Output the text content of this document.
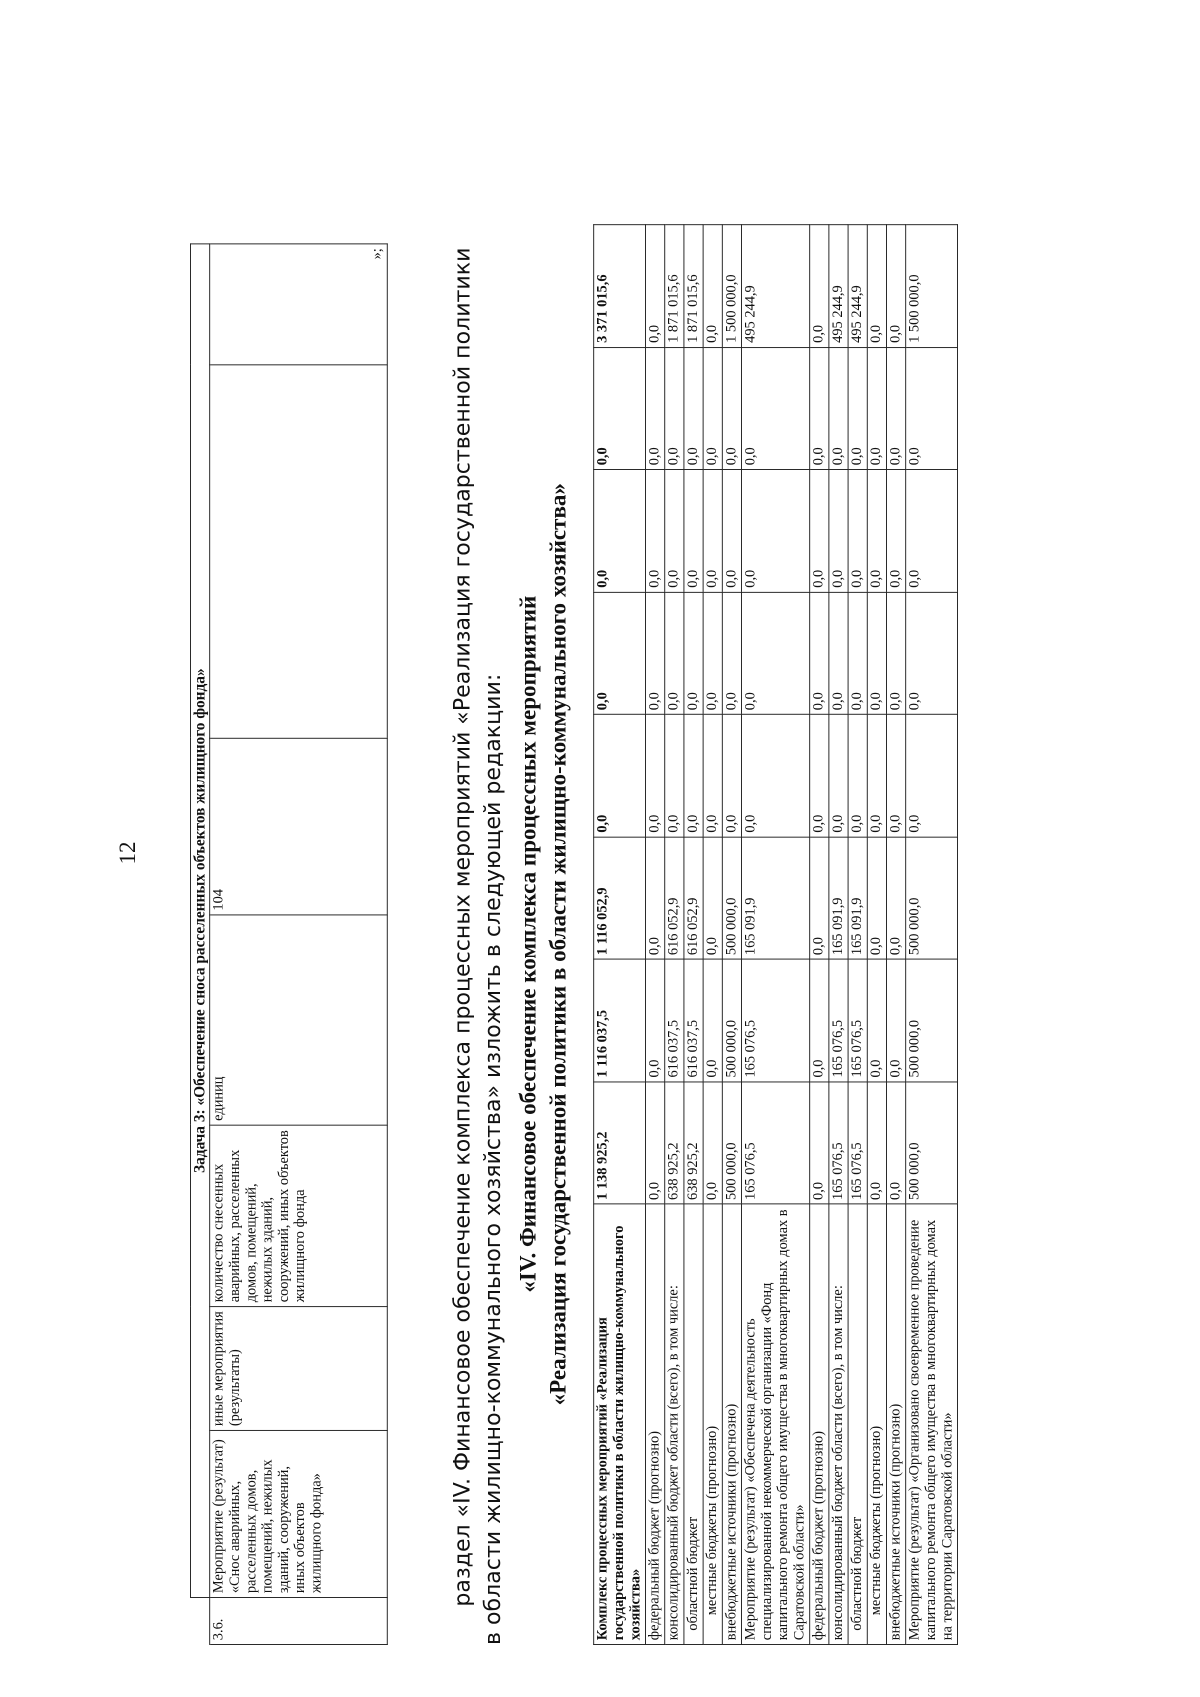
12
		Задача 3: «Обеспечение сноса расселенных объектов жилищного фонда»						
3.6.	Мероприятие (результат) «Снос аварийных, расселенных домов, помещений, нежилых зданий, сооружений, иных объектов жилищного фонда»	иные мероприятия (результаты)	количество снесенных аварийных, расселенных домов, помещений, нежилых зданий, сооружений, иных объектов жилищного фонда	единиц	104		»;	раздел «IV. Финансовое обеспечение комплекса процессных мероприятий «Реализация государственной политики в области жилищно-коммунального хозяйства» изложить в следующей редакции: «IV. Финансовое обеспечение комплекса процессных мероприятий «Реализация государственной политики в области жилищно-коммунального хозяйства»
Комплекс процессных мероприятий «Реализация государственной политики в области жилищно-коммунального хозяйства»	1 138 925,2	1 116 037,5	1 116 052,9	0,0	0,0	0,0	0,0	3 371 015,6
федеральный бюджет (прогнозно)	0,0	0,0	0,0	0,0	0,0	0,0	0,0	0,0
консолидированный бюджет области (всего), в том числе:	638 925,2	616 037,5	616 052,9	0,0	0,0	0,0	0,0	1 871 015,6
областной бюджет	638 925,2	616 037,5	616 052,9	0,0	0,0	0,0	0,0	1 871 015,6
местные бюджеты (прогнозно)	0,0	0,0	0,0	0,0	0,0	0,0	0,0	0,0
внебюджетные источники (прогнозно)	500 000,0	500 000,0	500 000,0	0,0	0,0	0,0	0,0	1 500 000,0
Мероприятие (результат) «Обеспечена деятельность специализированной некоммерческой организации «Фонд капитального ремонта общего имущества в многоквартирных домах в Саратовской области»	165 076,5	165 076,5	165 091,9	0,0	0,0	0,0	0,0	495 244,9
федеральный бюджет (прогнозно)	0,0	0,0	0,0	0,0	0,0	0,0	0,0	0,0
консолидированный бюджет области (всего), в том числе:	165 076,5	165 076,5	165 091,9	0,0	0,0	0,0	0,0	495 244,9
областной бюджет	165 076,5	165 076,5	165 091,9	0,0	0,0	0,0	0,0	495 244,9
местные бюджеты (прогнозно)	0,0	0,0	0,0	0,0	0,0	0,0	0,0	0,0
внебюджетные источники (прогнозно)	0,0	0,0	0,0	0,0	0,0	0,0	0,0	0,0
Мероприятие (результат) «Организовано своевременное проведение капитального ремонта общего имущества в многоквартирных домах на территории Саратовской области»	500 000,0	500 000,0	500 000,0	0,0	0,0	0,0	0,0	1 500 000,0
